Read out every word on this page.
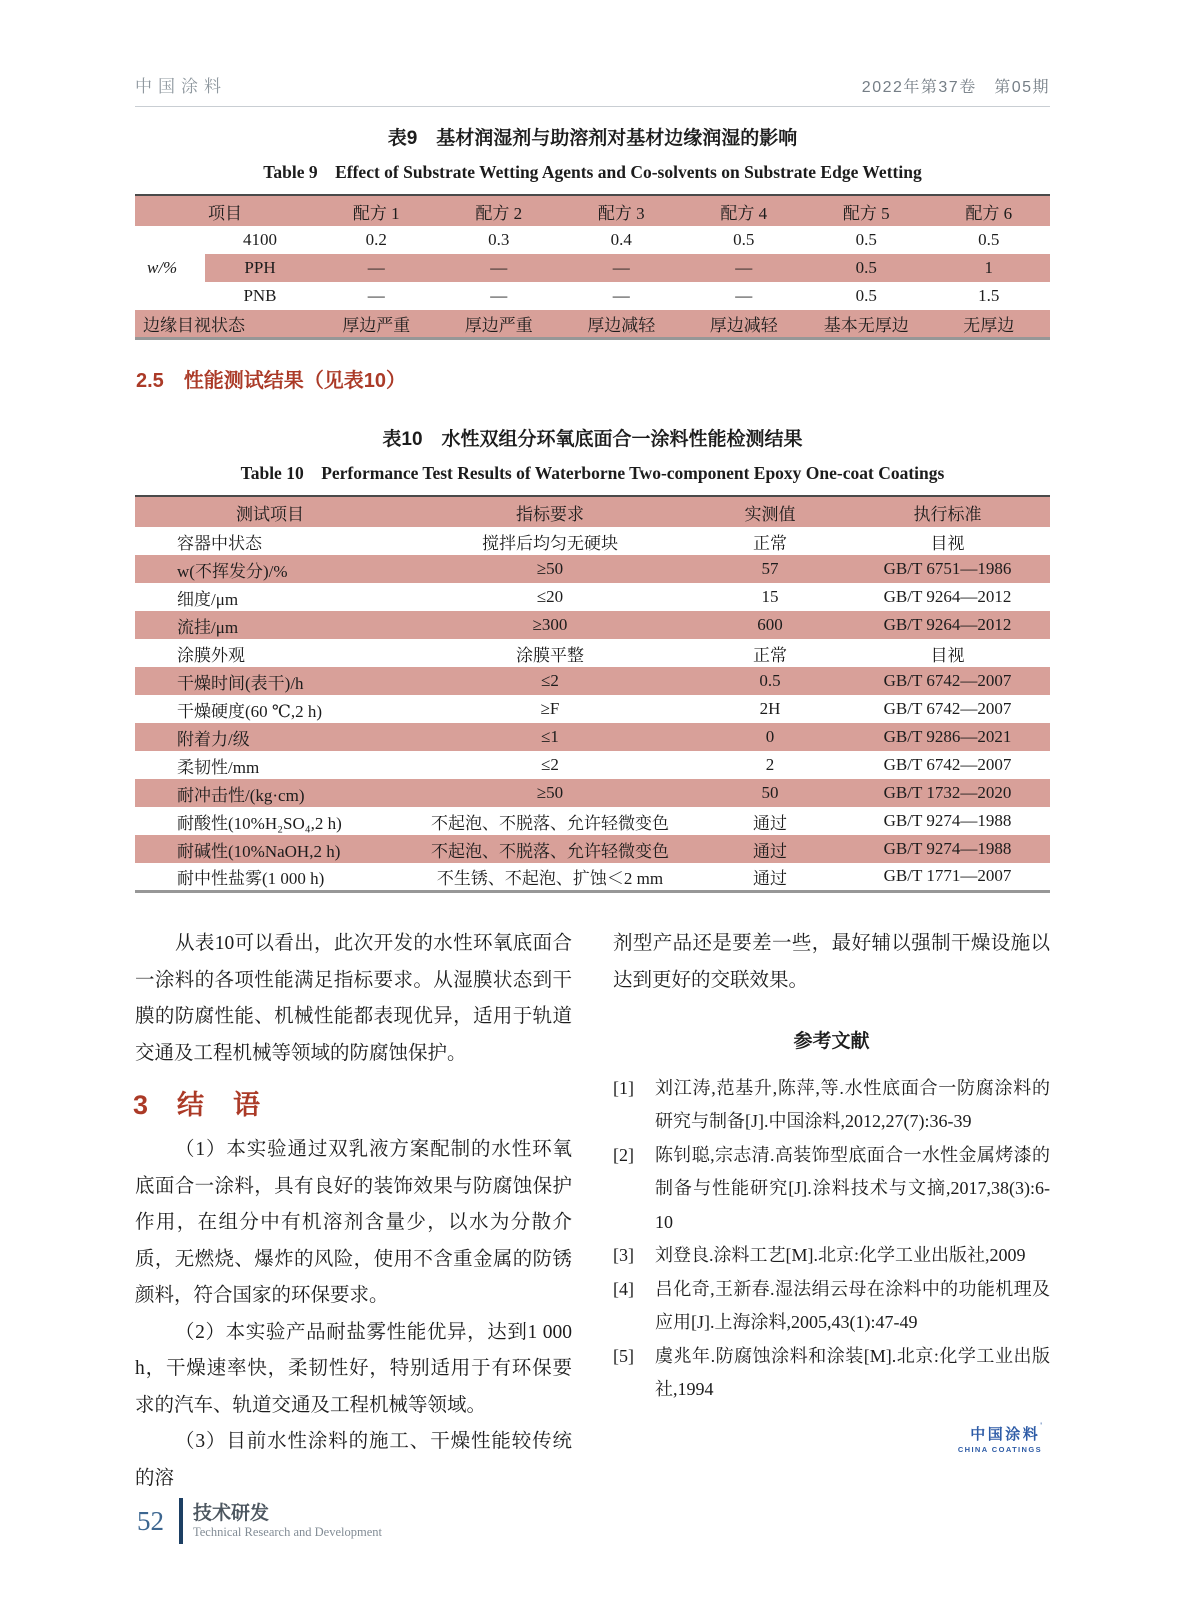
中国涂料	2022年第37卷　第05期
表9　基材润湿剂与助溶剂对基材边缘润湿的影响
Table 9　Effect of Substrate Wetting Agents and Co-solvents on Substrate Edge Wetting
项目		配方 1	配方 2	配方 3	配方 4	配方 5	配方 6
w/%	4100	0.2	0.3	0.4	0.5	0.5	0.5
	PPH	—	—	—	—	0.5	1
	PNB	—	—	—	—	0.5	1.5
边缘目视状态		厚边严重	厚边严重	厚边减轻	厚边减轻	基本无厚边	无厚边
2.5　性能测试结果（见表10）
表10　水性双组分环氧底面合一涂料性能检测结果
Table 10　Performance Test Results of Waterborne Two-component Epoxy One-coat Coatings
测试项目	指标要求	实测值	执行标准
容器中状态	搅拌后均匀无硬块	正常	目视
w(不挥发分)/%	≥50	57	GB/T 6751—1986
细度/μm	≤20	15	GB/T 9264—2012
流挂/μm	≥300	600	GB/T 9264—2012
涂膜外观	涂膜平整	正常	目视
干燥时间(表干)/h	≤2	0.5	GB/T 6742—2007
干燥硬度(60 ℃,2 h)	≥F	2H	GB/T 6742—2007
附着力/级	≤1	0	GB/T 9286—2021
柔韧性/mm	≤2	2	GB/T 6742—2007
耐冲击性/(kg·cm)	≥50	50	GB/T 1732—2020
耐酸性(10%H₂SO₄,2 h)	不起泡、不脱落、允许轻微变色	通过	GB/T 9274—1988
耐碱性(10%NaOH,2 h)	不起泡、不脱落、允许轻微变色	通过	GB/T 9274—1988
耐中性盐雾(1 000 h)	不生锈、不起泡、扩蚀＜2 mm	通过	GB/T 1771—2007

从表10可以看出，此次开发的水性环氧底面合一涂料的各项性能满足指标要求。从湿膜状态到干膜的防腐性能、机械性能都表现优异，适用于轨道交通及工程机械等领域的防腐蚀保护。

3　结　语

（1）本实验通过双乳液方案配制的水性环氧底面合一涂料，具有良好的装饰效果与防腐蚀保护作用，在组分中有机溶剂含量少，以水为分散介质，无燃烧、爆炸的风险，使用不含重金属的防锈颜料，符合国家的环保要求。

（2）本实验产品耐盐雾性能优异，达到1 000 h，干燥速率快，柔韧性好，特别适用于有环保要求的汽车、轨道交通及工程机械等领域。

（3）目前水性涂料的施工、干燥性能较传统的溶

剂型产品还是要差一些，最好辅以强制干燥设施以达到更好的交联效果。

参考文献
[1]	刘江涛,范基升,陈萍,等.水性底面合一防腐涂料的研究与制备[J].中国涂料,2012,27(7):36-39
[2]	陈钊聪,宗志清.高装饰型底面合一水性金属烤漆的制备与性能研究[J].涂料技术与文摘,2017,38(3):6-10
[3]	刘登良.涂料工艺[M].北京:化学工业出版社,2009
[4]	吕化奇,王新春.湿法绢云母在涂料中的功能机理及应用[J].上海涂料,2005,43(1):47-49
[5]	虞兆年.防腐蚀涂料和涂装[M].北京:化学工业出版社,1994
中国涂料'
CHINA COATINGS
52 技术研发
Technical Research and Development
